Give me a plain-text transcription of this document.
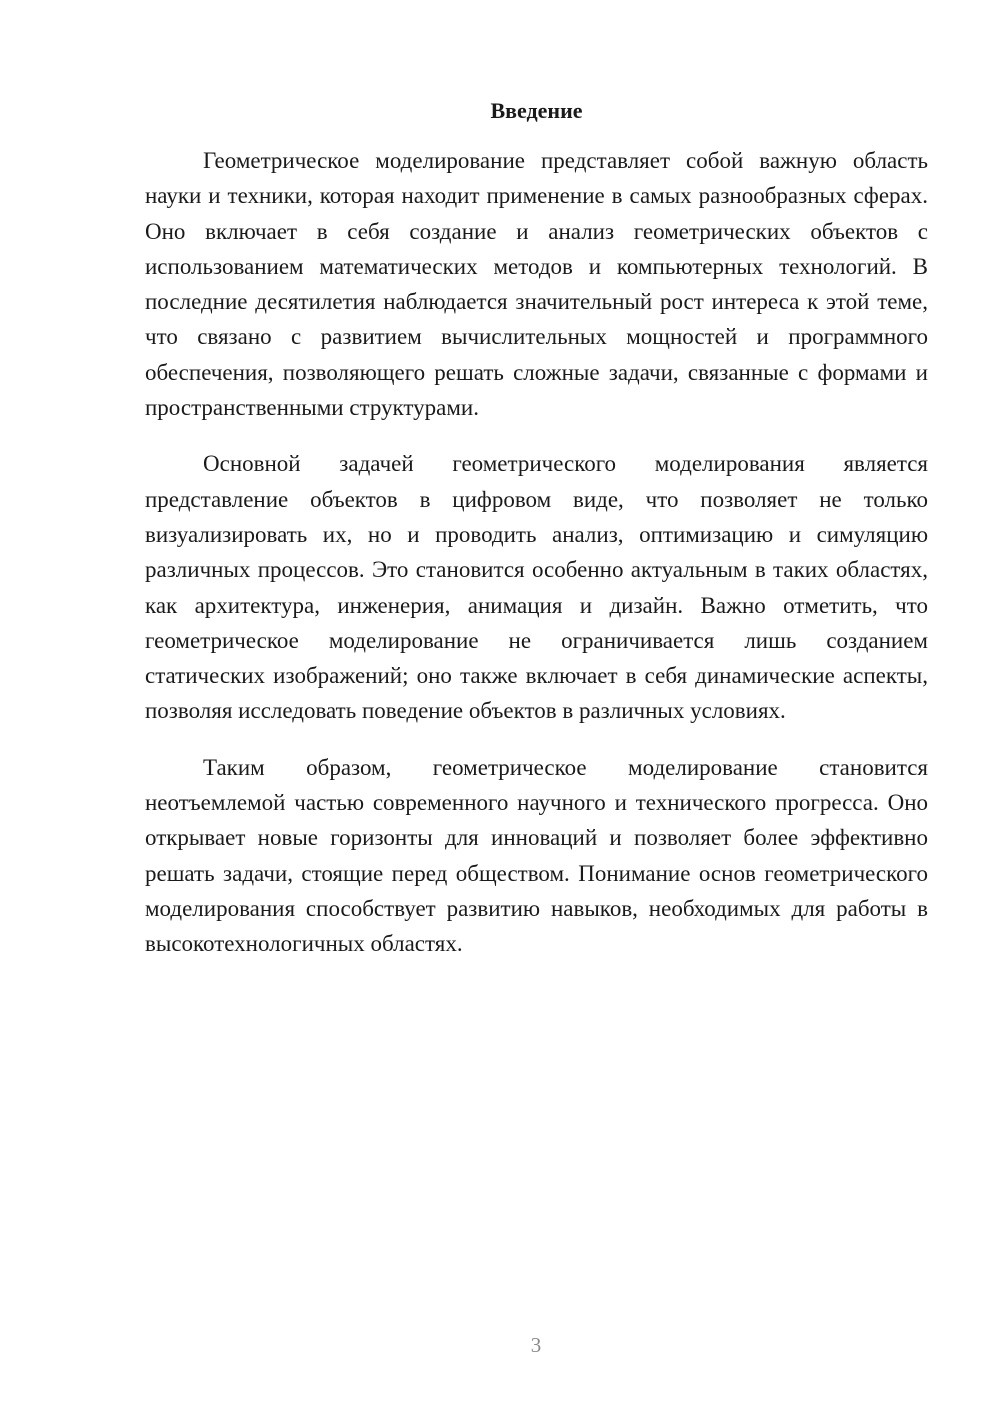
Введение

Геометрическое моделирование представляет собой важную область науки и техники, которая находит применение в самых разнообразных сферах. Оно включает в себя создание и анализ геометрических объектов с использованием математических методов и компьютерных технологий. В последние десятилетия наблюдается значительный рост интереса к этой теме, что связано с развитием вычислительных мощностей и программного обеспечения, позволяющего решать сложные задачи, связанные с формами и пространственными структурами.

Основной задачей геометрического моделирования является представление объектов в цифровом виде, что позволяет не только визуализировать их, но и проводить анализ, оптимизацию и симуляцию различных процессов. Это становится особенно актуальным в таких областях, как архитектура, инженерия, анимация и дизайн. Важно отметить, что геометрическое моделирование не ограничивается лишь созданием статических изображений; оно также включает в себя динамические аспекты, позволяя исследовать поведение объектов в различных условиях.

Таким образом, геометрическое моделирование становится неотъемлемой частью современного научного и технического прогресса. Оно открывает новые горизонты для инноваций и позволяет более эффективно решать задачи, стоящие перед обществом. Понимание основ геометрического моделирования способствует развитию навыков, необходимых для работы в высокотехнологичных областях.

3
